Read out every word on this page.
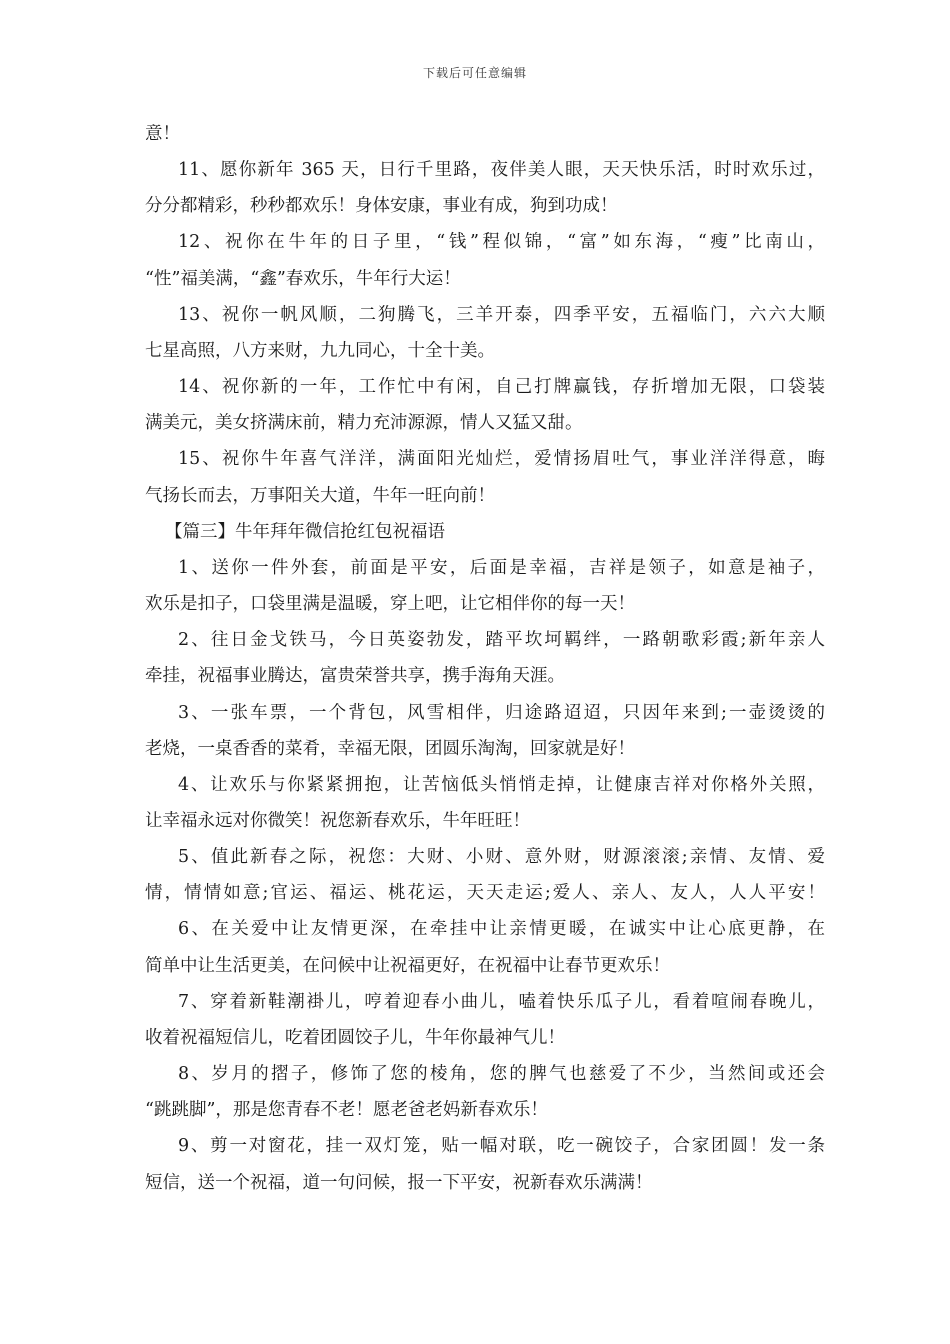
下载后可任意编辑
意！
11、愿你新年 365 天，日行千里路，夜伴美人眼，天天快乐活，时时欢乐过，
分分都精彩，秒秒都欢乐！身体安康，事业有成，狗到功成！
12、祝你在牛年的日子里，“钱”程似锦，“富”如东海，“瘦”比南山，
“性”福美满，“鑫”春欢乐，牛年行大运！
13、祝你一帆风顺，二狗腾飞，三羊开泰，四季平安，五福临门，六六大顺
七星高照，八方来财，九九同心，十全十美。
14、祝你新的一年，工作忙中有闲，自己打牌赢钱，存折增加无限，口袋装
满美元，美女挤满床前，精力充沛源源，情人又猛又甜。
15、祝你牛年喜气洋洋，满面阳光灿烂，爱情扬眉吐气，事业洋洋得意，晦
气扬长而去，万事阳关大道，牛年一旺向前！
【篇三】牛年拜年微信抢红包祝福语
1、送你一件外套，前面是平安，后面是幸福，吉祥是领子，如意是袖子，
欢乐是扣子，口袋里满是温暖，穿上吧，让它相伴你的每一天！
2、往日金戈铁马，今日英姿勃发，踏平坎坷羁绊，一路朝歌彩霞;新年亲人
牵挂，祝福事业腾达，富贵荣誉共享，携手海角天涯。
3、一张车票，一个背包，风雪相伴，归途路迢迢，只因年来到;一壶烫烫的
老烧，一桌香香的菜肴，幸福无限，团圆乐淘淘，回家就是好！
4、让欢乐与你紧紧拥抱，让苦恼低头悄悄走掉，让健康吉祥对你格外关照，
让幸福永远对你微笑！祝您新春欢乐，牛年旺旺！
5、值此新春之际，祝您：大财、小财、意外财，财源滚滚;亲情、友情、爱
情，情情如意;官运、福运、桃花运，天天走运;爱人、亲人、友人，人人平安！
6、在关爱中让友情更深，在牵挂中让亲情更暖，在诚实中让心底更静，在
简单中让生活更美，在问候中让祝福更好，在祝福中让春节更欢乐！
7、穿着新鞋潮褂儿，哼着迎春小曲儿，嗑着快乐瓜子儿，看着喧闹春晚儿，
收着祝福短信儿，吃着团圆饺子儿，牛年你最神气儿！
8、岁月的摺子，修饰了您的棱角，您的脾气也慈爱了不少，当然间或还会
“跳跳脚”，那是您青春不老！愿老爸老妈新春欢乐！
9、剪一对窗花，挂一双灯笼，贴一幅对联，吃一碗饺子，合家团圆！发一条
短信，送一个祝福，道一句问候，报一下平安，祝新春欢乐满满！
